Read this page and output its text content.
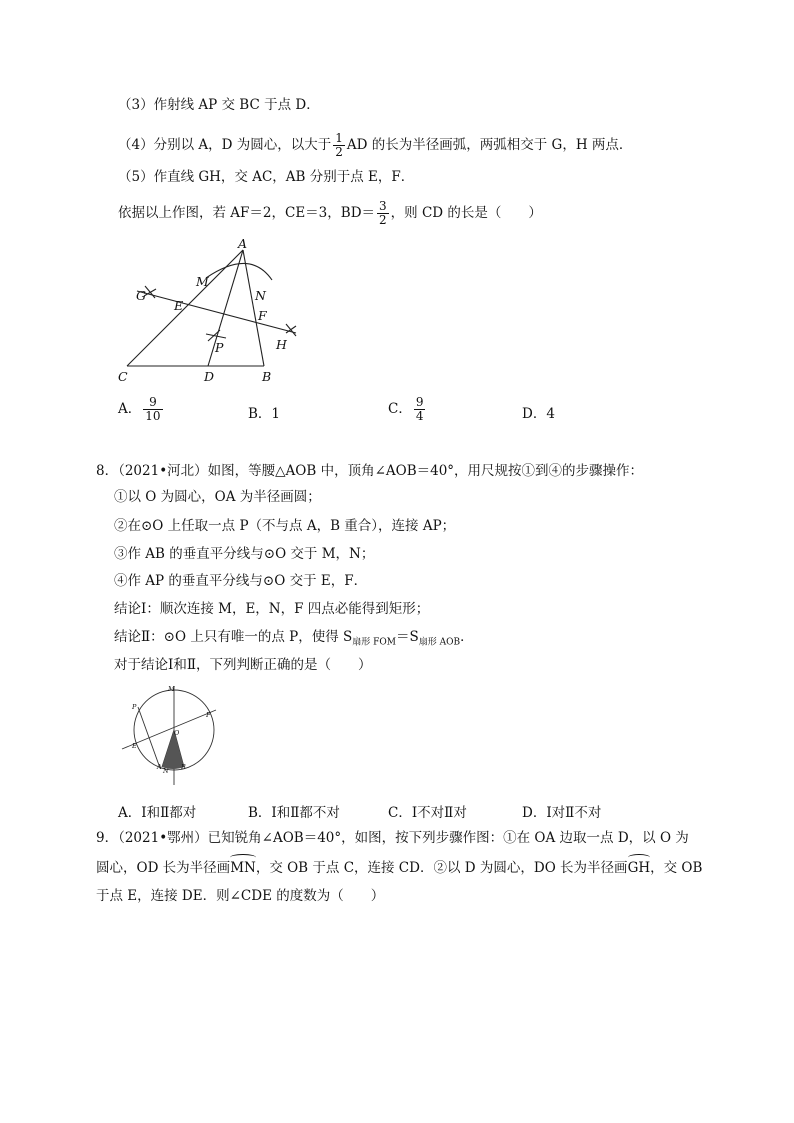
（3）作射线 AP 交 BC 于点 D．
（4）分别以 A，D 为圆心，以大于 $\frac{1}{2}$ AD 的长为半径画弧，两弧相交于 G，H 两点．
（5）作直线 GH，交 AC，AB 分别于点 E，F．
依据以上作图，若 AF＝2，CE＝3，$BD= \frac{3}{2}$ ，则 CD 的长是（　　）
A
M
N
G
E
F
H
P
C	D	B
A． $\frac{9}{10}$	B．1	C． $\frac{9}{4}$	D．4
8．（2021•河北）如图，等腰△AOB 中，顶角∠AOB＝40°，用尺规按①到④的步骤操作：
①以 O 为圆心，OA 为半径画圆；
②在⊙O 上任取一点 P（不与点 A，B 重合），连接 AP；
③作 AB 的垂直平分线与⊙O 交于 M，N；
④作 AP 的垂直平分线与⊙O 交于 E，F．
结论Ⅰ：顺次连接 M，E，N，F 四点必能得到矩形；
结论Ⅱ：⊙O 上只有唯一的点 P，使得 $S_{扇形 FOM}=S_{扇形 AOB}$．
对于结论Ⅰ和Ⅱ，下列判断正确的是（　　）
M
P
F
O
E
A N B
A．Ⅰ和Ⅱ都对	B．Ⅰ和Ⅱ都不对	C．Ⅰ不对Ⅱ对	D．Ⅰ对Ⅱ不对
9．（2021•鄂州）已知锐角∠AOB＝40°，如图，按下列步骤作图：①在 OA 边取一点 D，以 O 为
圆心，OD 长为半径画MN，交 OB 于点 C，连接 CD．②以 D 为圆心，DO 长为半径画GH，交 OB
于点 E，连接 DE．则∠CDE 的度数为（　　）
